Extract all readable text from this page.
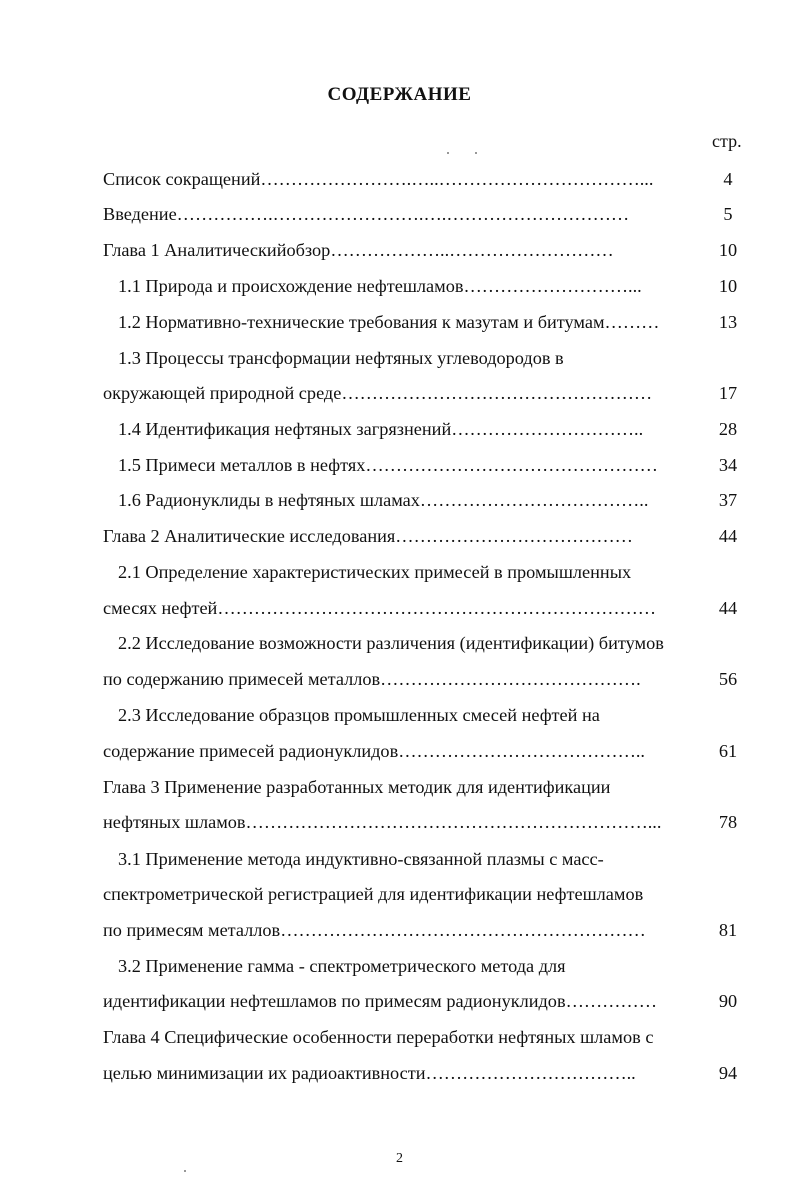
СОДЕРЖАНИЕ
стр.
Список сокращений…………………….…..……………………………...	4
Введение…………….…………………….….…………………………	5
Глава 1 Аналитическийобзор………………..………………………	10
1.1 Природа и происхождение нефтешламов………………………...	10
1.2 Нормативно-технические требования к мазутам и битумам………	13
1.3 Процессы трансформации нефтяных углеводородов в
окружающей природной среде……………………………………………	17
1.4 Идентификация нефтяных загрязнений…………………………..	28
1.5 Примеси металлов в нефтях…………………………………………	34
1.6 Радионуклиды в нефтяных шламах………………………………..	37
Глава 2 Аналитические исследования…………………………………	44
2.1 Определение характеристических примесей в промышленных
смесях нефтей………………………………………………………………	44
2.2 Исследование возможности различения (идентификации) битумов
по содержанию примесей металлов…………………………………….	56
2.3 Исследование образцов промышленных смесей нефтей на
содержание примесей радионуклидов…………………………………..	61
Глава 3 Применение разработанных методик для идентификации
нефтяных шламов…………………………………………………………...	78
3.1 Применение метода индуктивно-связанной плазмы с масс-
спектрометрической регистрацией для идентификации нефтешламов
по примесям металлов……………………………………………………	81
3.2 Применение гамма - спектрометрического метода для
идентификации нефтешламов по примесям радионуклидов……………	90
Глава 4 Специфические особенности переработки нефтяных шламов с
целью минимизации их радиоактивности……………………………..	94
2
